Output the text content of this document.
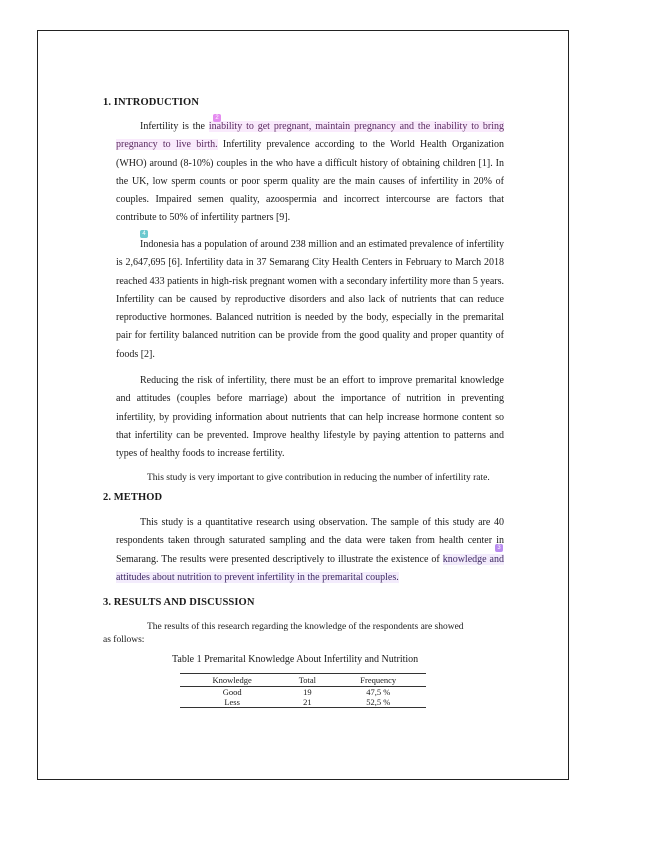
1. INTRODUCTION
2

Infertility is the inability to get pregnant, maintain pregnancy and the inability to bring pregnancy to live birth. Infertility prevalence according to the World Health Organization (WHO) around (8-10%) couples in the who have a difficult history of obtaining children [1]. In the UK, low sperm counts or poor sperm quality are the main causes of infertility in 20% of couples. Impaired semen quality, azoospermia and incorrect intercourse are factors that contribute to 50% of infertility partners [9].

4

Indonesia has a population of around 238 million and an estimated prevalence of infertility is 2,647,695 [6]. Infertility data in 37 Semarang City Health Centers in February to March 2018 reached 433 patients in high-risk pregnant women with a secondary infertility more than 5 years. Infertility can be caused by reproductive disorders and also lack of nutrients that can reduce reproductive hormones. Balanced nutrition is needed by the body, especially in the premarital pair for fertility balanced nutrition can be provide from the good quality and proper quantity of foods [2].

Reducing the risk of infertility, there must be an effort to improve premarital knowledge and attitudes (couples before marriage) about the importance of nutrition in preventing infertility, by providing information about nutrients that can help increase hormone content so that infertility can be prevented. Improve healthy lifestyle by paying attention to patterns and types of healthy foods to increase fertility.

This study is very important to give contribution in reducing the number of infertility rate.

2. METHOD
3

This study is a quantitative research using observation. The sample of this study are 40 respondents taken through saturated sampling and the data were taken from health center in Semarang. The results were presented descriptively to illustrate the existence of knowledge and attitudes about nutrition to prevent infertility in the premarital couples.

3. RESULTS AND DISCUSSION

The results of this research regarding the knowledge of the respondents are showed

as follows:

Table 1 Premarital Knowledge About Infertility and Nutrition
Knowledge	Total	Frequency
Good	19	47,5 %
Less	21	52,5 %
